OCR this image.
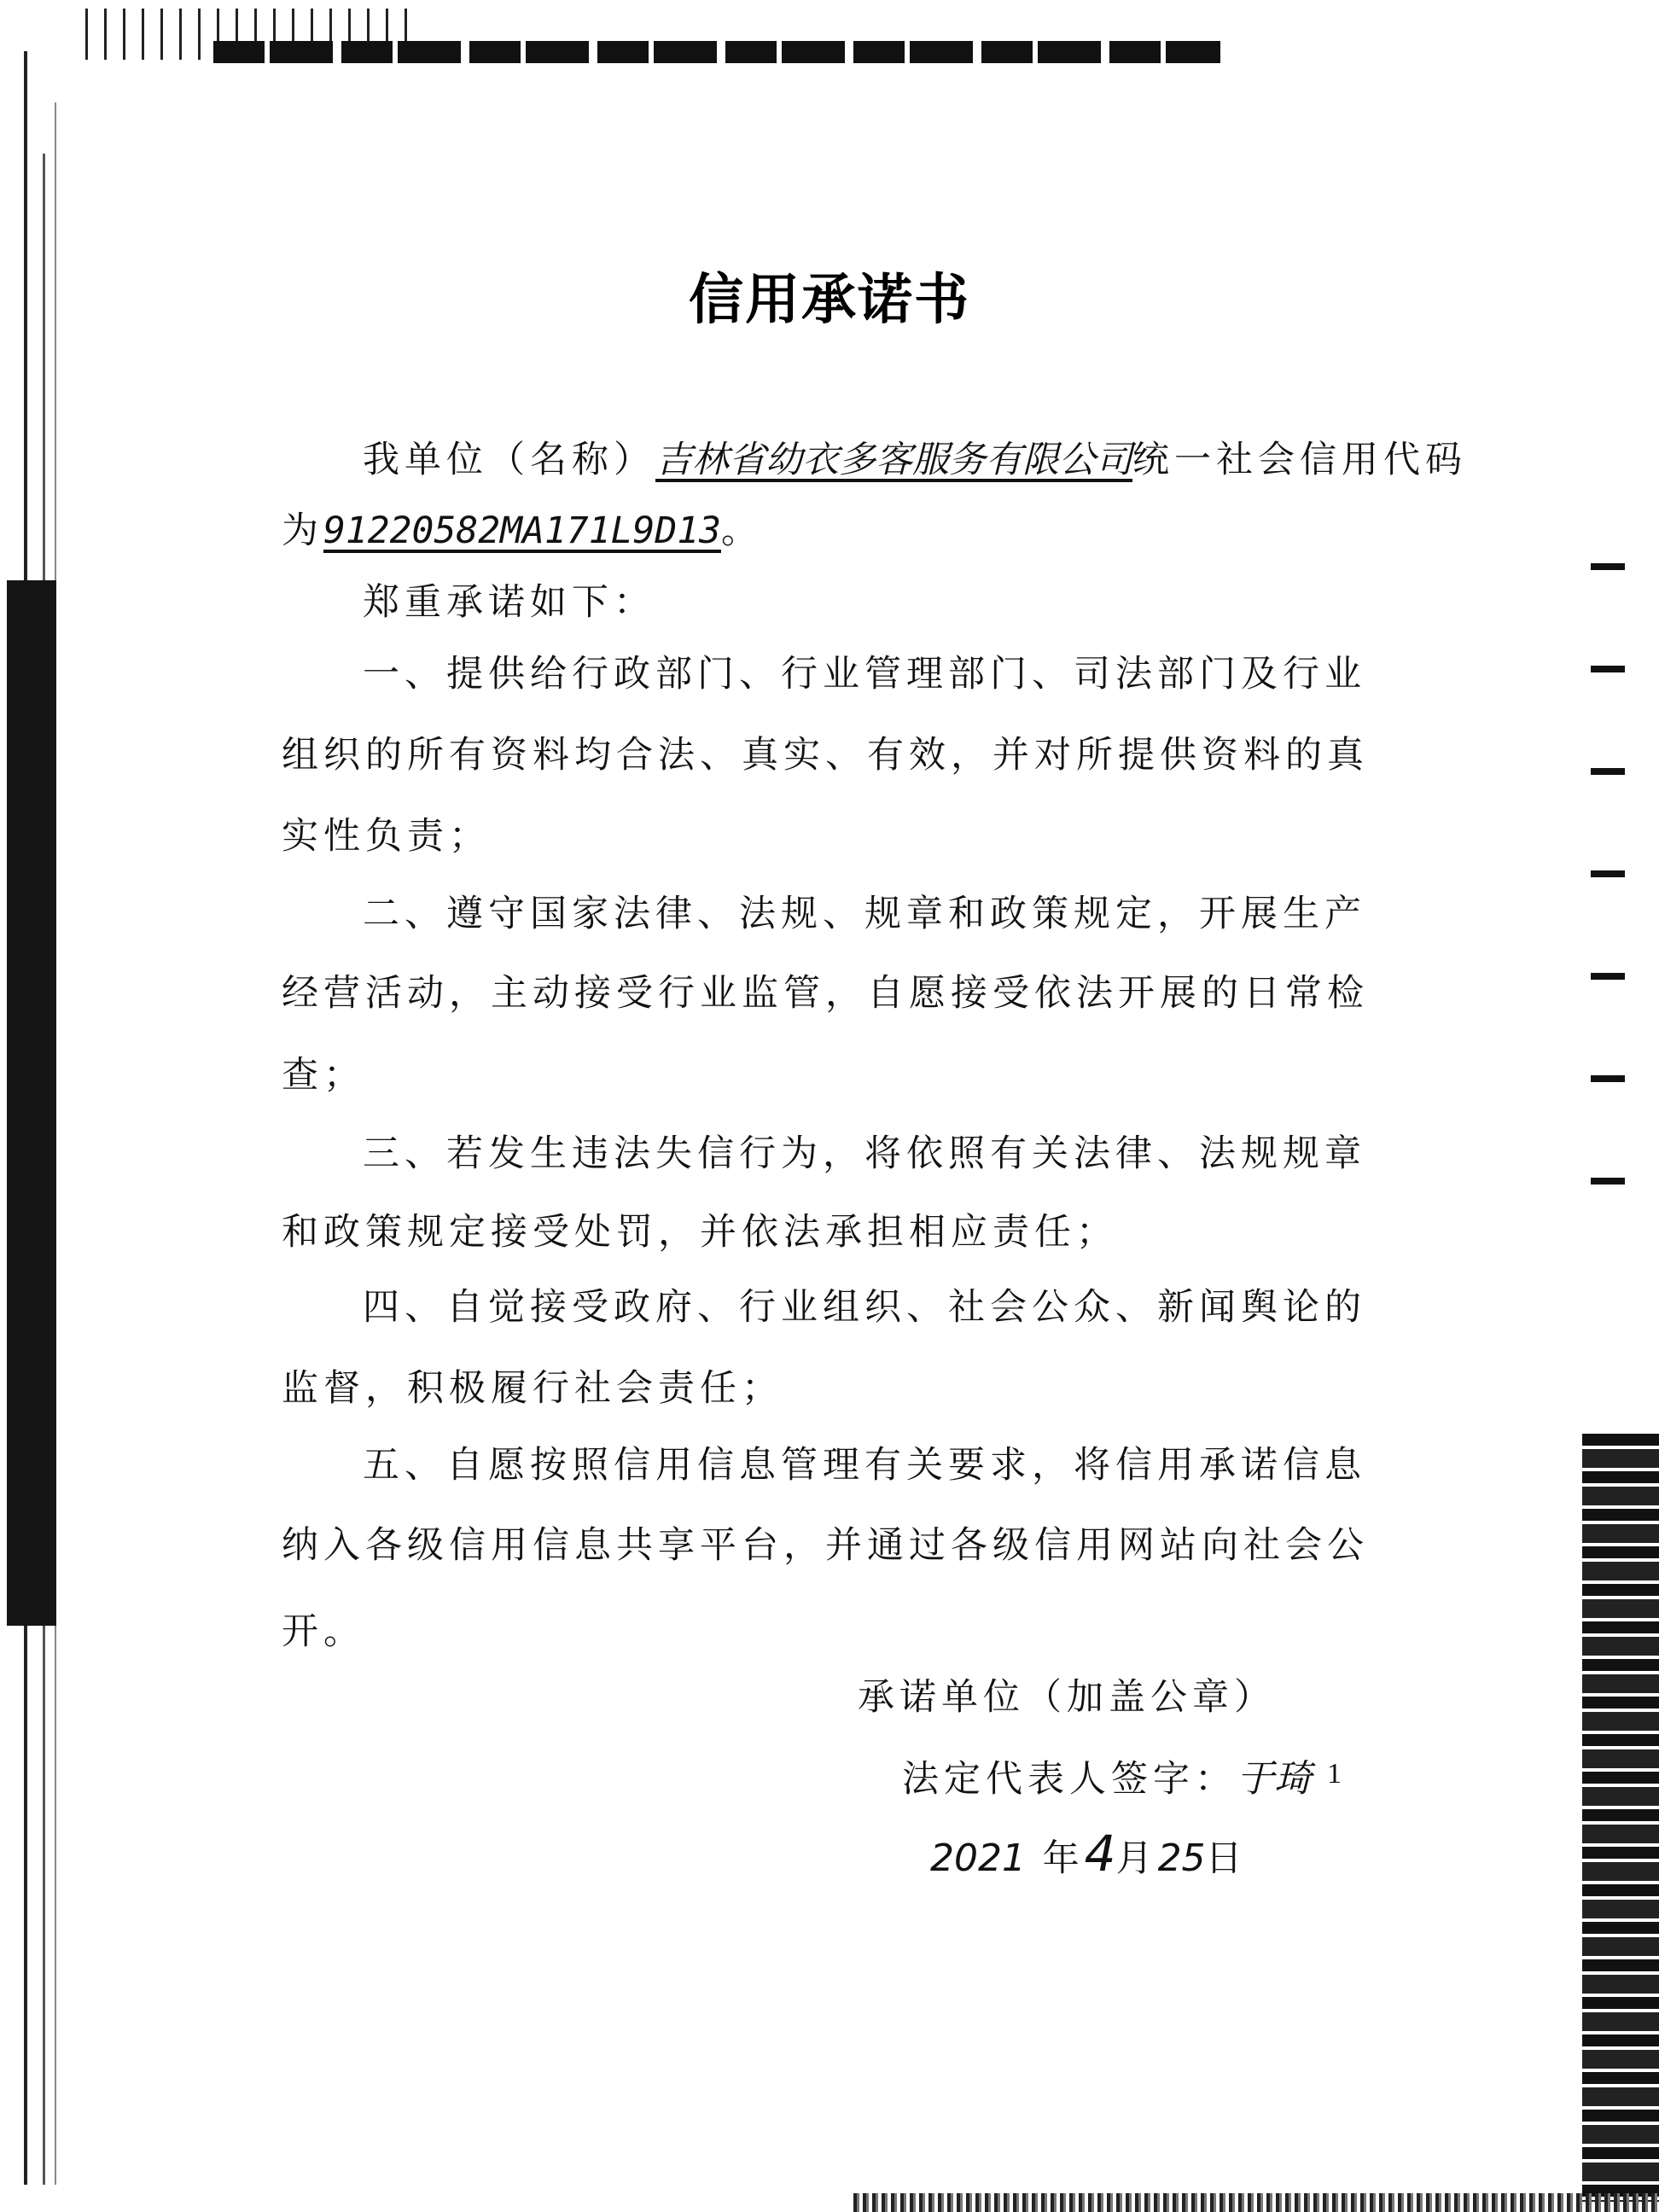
信用承诺书
我单位（名称）吉林省幼衣多客服务有限公司统一社会信用代码
为91220582MA171L9D13。
郑重承诺如下：
一、提供给行政部门、行业管理部门、司法部门及行业
组织的所有资料均合法、真实、有效，并对所提供资料的真
实性负责；
二、遵守国家法律、法规、规章和政策规定，开展生产
经营活动，主动接受行业监管，自愿接受依法开展的日常检
查；
三、若发生违法失信行为，将依照有关法律、法规规章
和政策规定接受处罚，并依法承担相应责任；
四、自觉接受政府、行业组织、社会公众、新闻舆论的
监督，积极履行社会责任；
五、自愿按照信用信息管理有关要求，将信用承诺信息
纳入各级信用信息共享平台，并通过各级信用网站向社会公
开。
承诺单位（加盖公章）
法定代表人签字：于琦
2021 年4月25日
1
